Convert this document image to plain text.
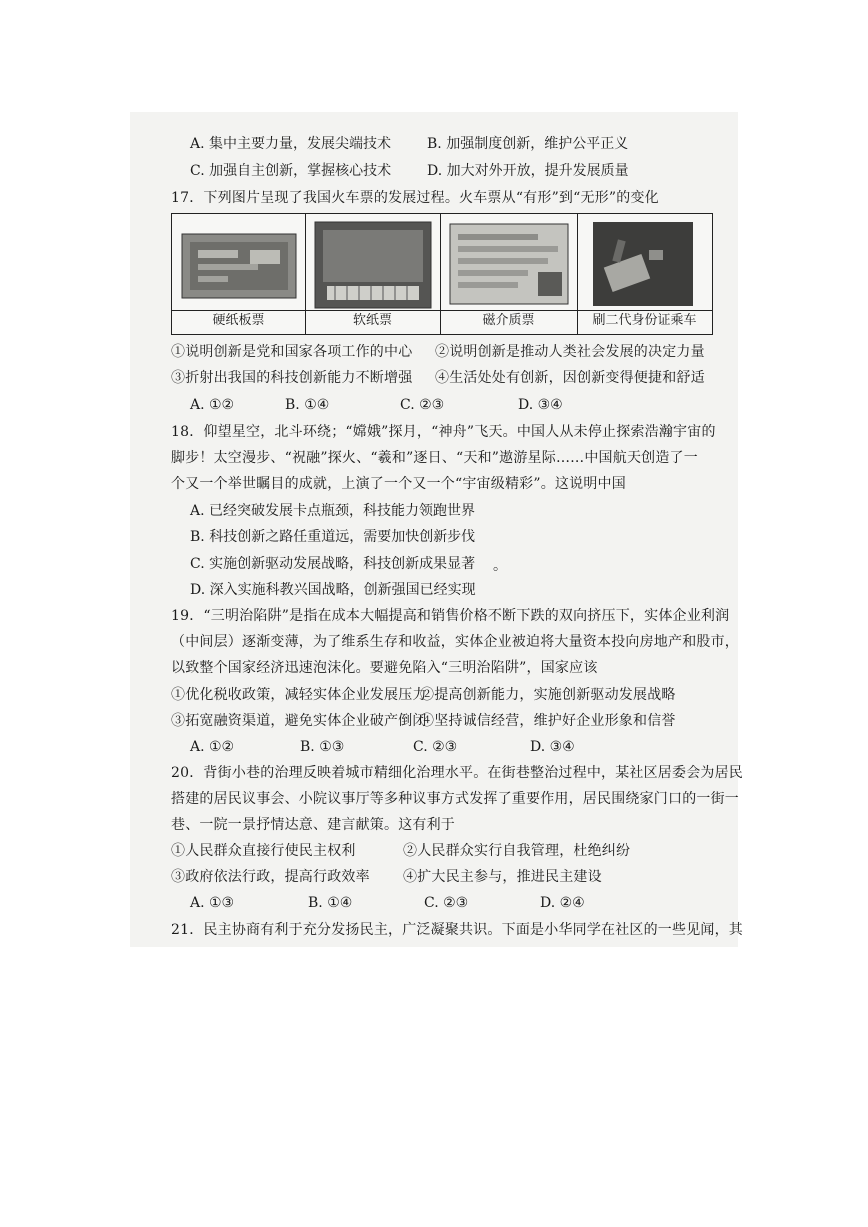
A. 集中主要力量，发展尖端技术	B. 加强制度创新，维护公平正义
C. 加强自主创新，掌握核心技术	D. 加大对外开放，提升发展质量
17．下列图片呈现了我国火车票的发展过程。火车票从“有形”到“无形”的变化
硬纸板票	软纸票	磁介质票	刷二代身份证乘车
①说明创新是党和国家各项工作的中心 ②说明创新是推动人类社会发展的决定力量
③折射出我国的科技创新能力不断增强 ④生活处处有创新，因创新变得便捷和舒适
A. ①②	B. ①④	C. ②③	D. ③④
18．仰望星空，北斗环绕；“嫦娥”探月，“神舟”飞天。中国人从未停止探索浩瀚宇宙的
脚步！太空漫步、“祝融”探火、“羲和”逐日、“天和”遨游星际……中国航天创造了一
个又一个举世瞩目的成就，上演了一个又一个“宇宙级精彩”。这说明中国
A. 已经突破发展卡点瓶颈，科技能力领跑世界
B. 科技创新之路任重道远，需要加快创新步伐
C. 实施创新驱动发展战略，科技创新成果显著 。
D. 深入实施科教兴国战略，创新强国已经实现
19．“三明治陷阱”是指在成本大幅提高和销售价格不断下跌的双向挤压下，实体企业利润
（中间层）逐渐变薄，为了维系生存和收益，实体企业被迫将大量资本投向房地产和股市，
以致整个国家经济迅速泡沫化。要避免陷入“三明治陷阱”，国家应该
①优化税收政策，减轻实体企业发展压力
②提高创新能力，实施创新驱动发展战略
③拓宽融资渠道，避免实体企业破产倒闭
④坚持诚信经营，维护好企业形象和信誉
A. ①②	B. ①③	C. ②③	D. ③④
20．背街小巷的治理反映着城市精细化治理水平。在街巷整治过程中，某社区居委会为居民
搭建的居民议事会、小院议事厅等多种议事方式发挥了重要作用，居民围绕家门口的一街一
巷、一院一景抒情达意、建言献策。这有利于
①人民群众直接行使民主权利	②人民群众实行自我管理，杜绝纠纷
③政府依法行政，提高行政效率 ④扩大民主参与，推进民主建设
A. ①③	B. ①④	C. ②③	D. ②④
21．民主协商有利于充分发扬民主，广泛凝聚共识。下面是小华同学在社区的一些见闻，其
